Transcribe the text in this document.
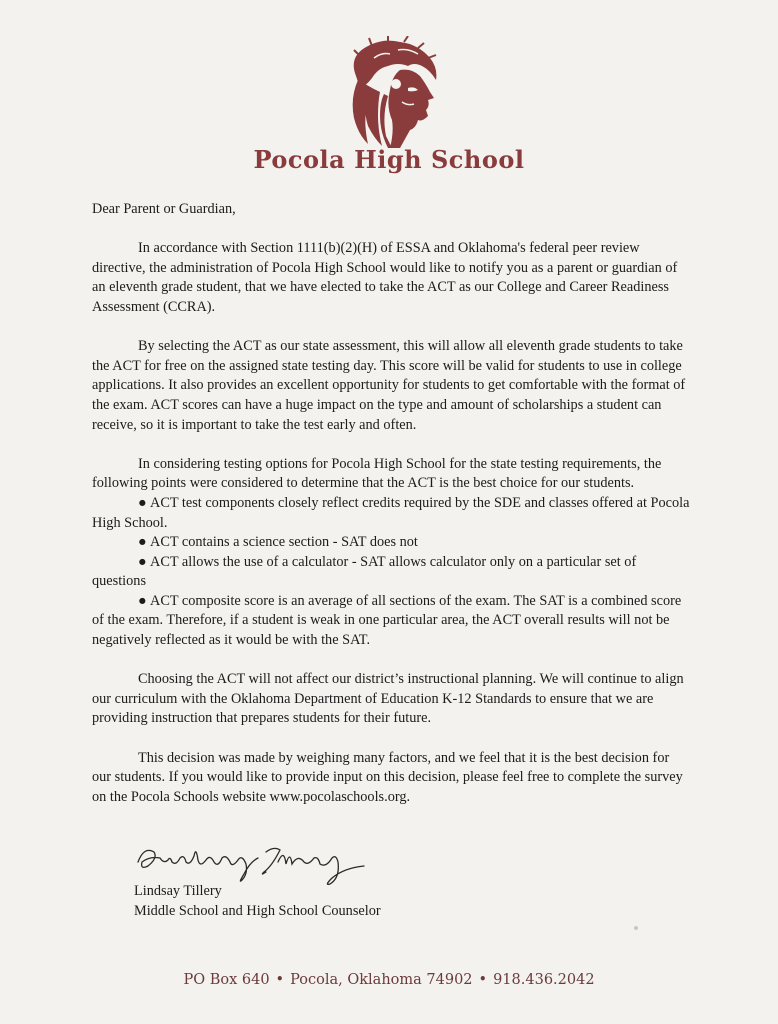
Pocola High School

Dear Parent or Guardian,

In accordance with Section 1111(b)(2)(H) of ESSA and Oklahoma's federal peer review directive, the administration of Pocola High School would like to notify you as a parent or guardian of an eleventh grade student, that we have elected to take the ACT as our College and Career Readiness Assessment (CCRA).

By selecting the ACT as our state assessment, this will allow all eleventh grade students to take the ACT for free on the assigned state testing day. This score will be valid for students to use in college applications. It also provides an excellent opportunity for students to get comfortable with the format of the exam. ACT scores can have a huge impact on the type and amount of scholarships a student can receive, so it is important to take the test early and often.

In considering testing options for Pocola High School for the state testing requirements, the following points were considered to determine that the ACT is the best choice for our students.

● ACT test components closely reflect credits required by the SDE and classes offered at Pocola High School.
● ACT contains a science section - SAT does not
● ACT allows the use of a calculator - SAT allows calculator only on a particular set of questions
● ACT composite score is an average of all sections of the exam. The SAT is a combined score of the exam. Therefore, if a student is weak in one particular area, the ACT overall results will not be negatively reflected as it would be with the SAT.

Choosing the ACT will not affect our district’s instructional planning. We will continue to align our curriculum with the Oklahoma Department of Education K-12 Standards to ensure that we are providing instruction that prepares students for their future.

This decision was made by weighing many factors, and we feel that it is the best decision for our students. If you would like to provide input on this decision, please feel free to complete the survey on the Pocola Schools website www.pocolaschools.org.

Lindsay Tillery
Middle School and High School Counselor
PO Box 640 • Pocola, Oklahoma 74902 • 918.436.2042
